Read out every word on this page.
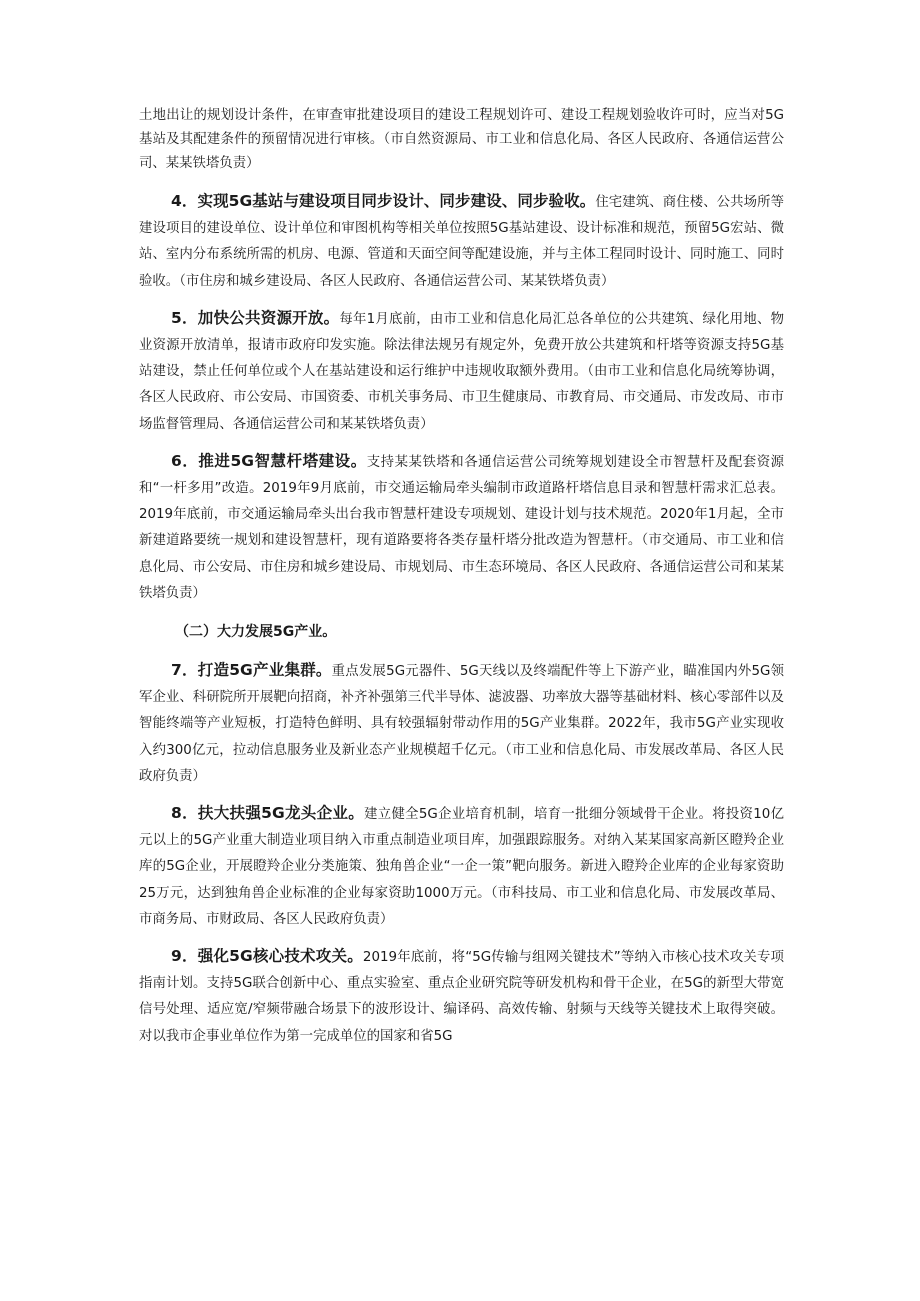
土地出让的规划设计条件，在审查审批建设项目的建设工程规划许可、建设工程规划验收许可时，应当对5G基站及其配建条件的预留情况进行审核。（市自然资源局、市工业和信息化局、各区人民政府、各通信运营公司、某某铁塔负责）

4．实现5G基站与建设项目同步设计、同步建设、同步验收。住宅建筑、商住楼、公共场所等建设项目的建设单位、设计单位和审图机构等相关单位按照5G基站建设、设计标准和规范，预留5G宏站、微站、室内分布系统所需的机房、电源、管道和天面空间等配建设施，并与主体工程同时设计、同时施工、同时验收。（市住房和城乡建设局、各区人民政府、各通信运营公司、某某铁塔负责）

5．加快公共资源开放。每年1月底前，由市工业和信息化局汇总各单位的公共建筑、绿化用地、物业资源开放清单，报请市政府印发实施。除法律法规另有规定外，免费开放公共建筑和杆塔等资源支持5G基站建设，禁止任何单位或个人在基站建设和运行维护中违规收取额外费用。（由市工业和信息化局统筹协调，各区人民政府、市公安局、市国资委、市机关事务局、市卫生健康局、市教育局、市交通局、市发改局、市市场监督管理局、各通信运营公司和某某铁塔负责）

6．推进5G智慧杆塔建设。支持某某铁塔和各通信运营公司统筹规划建设全市智慧杆及配套资源和“一杆多用”改造。2019年9月底前，市交通运输局牵头编制市政道路杆塔信息目录和智慧杆需求汇总表。2019年底前，市交通运输局牵头出台我市智慧杆建设专项规划、建设计划与技术规范。2020年1月起，全市新建道路要统一规划和建设智慧杆，现有道路要将各类存量杆塔分批改造为智慧杆。（市交通局、市工业和信息化局、市公安局、市住房和城乡建设局、市规划局、市生态环境局、各区人民政府、各通信运营公司和某某铁塔负责）

（二）大力发展5G产业。

7．打造5G产业集群。重点发展5G元器件、5G天线以及终端配件等上下游产业，瞄准国内外5G领军企业、科研院所开展靶向招商，补齐补强第三代半导体、滤波器、功率放大器等基础材料、核心零部件以及智能终端等产业短板，打造特色鲜明、具有较强辐射带动作用的5G产业集群。2022年，我市5G产业实现收入约300亿元，拉动信息服务业及新业态产业规模超千亿元。（市工业和信息化局、市发展改革局、各区人民政府负责）

8．扶大扶强5G龙头企业。建立健全5G企业培育机制，培育一批细分领域骨干企业。将投资10亿元以上的5G产业重大制造业项目纳入市重点制造业项目库，加强跟踪服务。对纳入某某国家高新区瞪羚企业库的5G企业，开展瞪羚企业分类施策、独角兽企业“一企一策”靶向服务。新进入瞪羚企业库的企业每家资助25万元，达到独角兽企业标准的企业每家资助1000万元。（市科技局、市工业和信息化局、市发展改革局、市商务局、市财政局、各区人民政府负责）

9．强化5G核心技术攻关。2019年底前，将“5G传输与组网关键技术”等纳入市核心技术攻关专项指南计划。支持5G联合创新中心、重点实验室、重点企业研究院等研发机构和骨干企业，在5G的新型大带宽信号处理、适应宽/窄频带融合场景下的波形设计、编译码、高效传输、射频与天线等关键技术上取得突破。对以我市企事业单位作为第一完成单位的国家和省5G
